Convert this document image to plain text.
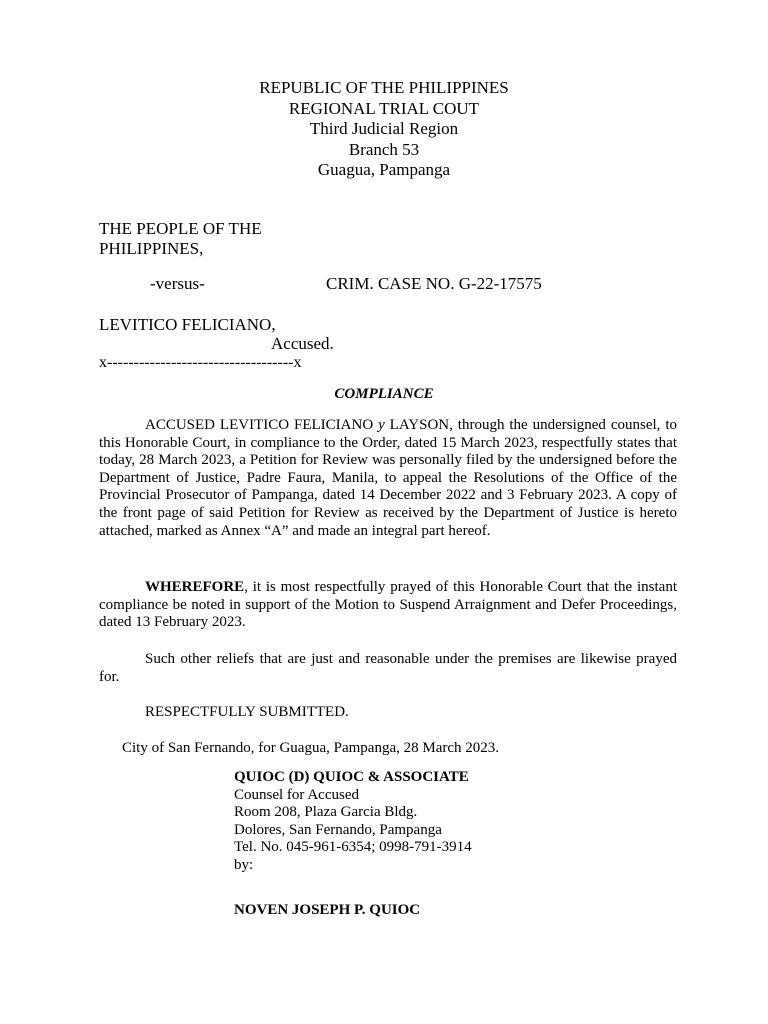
REPUBLIC OF THE PHILIPPINES
REGIONAL TRIAL COUT
Third Judicial Region
Branch 53
Guagua, Pampanga
THE PEOPLE OF THE
PHILIPPINES,
-versus-	CRIM. CASE NO. G-22-17575
LEVITICO FELICIANO,
Accused.
x-----------------------------------x
COMPLIANCE
ACCUSED LEVITICO FELICIANO y LAYSON, through the undersigned counsel, to this Honorable Court, in compliance to the Order, dated 15 March 2023, respectfully states that today, 28 March 2023, a Petition for Review was personally filed by the undersigned before the Department of Justice, Padre Faura, Manila, to appeal the Resolutions of the Office of the Provincial Prosecutor of Pampanga, dated 14 December 2022 and 3 February 2023. A copy of the front page of said Petition for Review as received by the Department of Justice is hereto attached, marked as Annex “A” and made an integral part hereof.
WHEREFORE, it is most respectfully prayed of this Honorable Court that the instant compliance be noted in support of the Motion to Suspend Arraignment and Defer Proceedings, dated 13 February 2023.
Such other reliefs that are just and reasonable under the premises are likewise prayed for.
RESPECTFULLY SUBMITTED.
City of San Fernando, for Guagua, Pampanga, 28 March 2023.
QUIOC (D) QUIOC & ASSOCIATE
Counsel for Accused
Room 208, Plaza Garcia Bldg.
Dolores, San Fernando, Pampanga
Tel. No. 045-961-6354; 0998-791-3914
by:
NOVEN JOSEPH P. QUIOC
